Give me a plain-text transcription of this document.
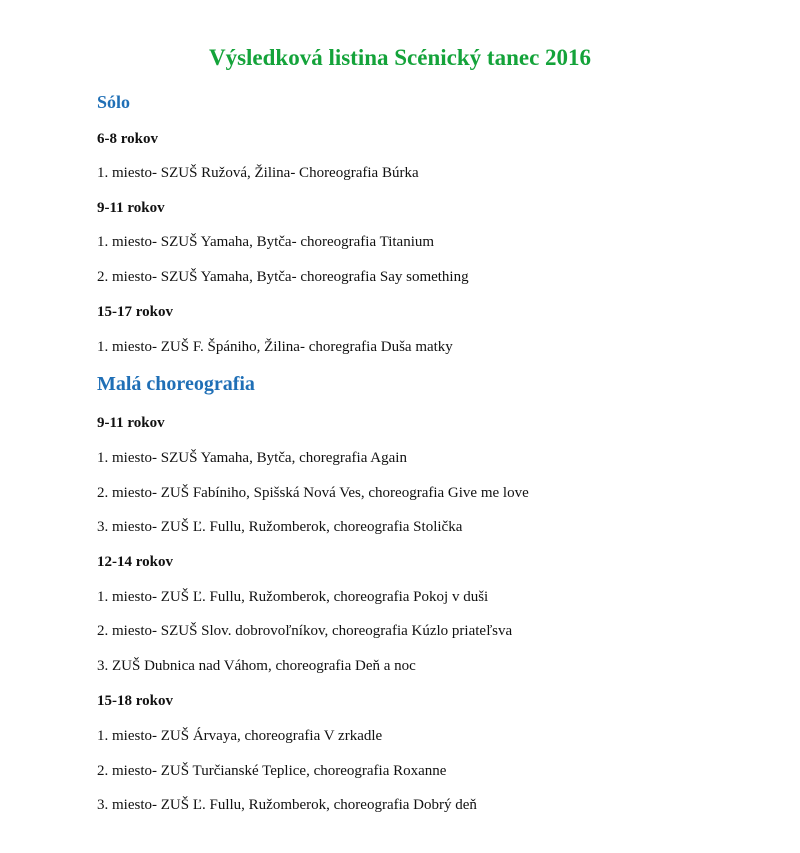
Výsledková listina Scénický tanec 2016
Sólo
6-8 rokov

1. miesto- SZUŠ Ružová, Žilina- Choreografia Búrka

9-11 rokov

1. miesto- SZUŠ Yamaha, Bytča- choreografia Titanium

2. miesto- SZUŠ Yamaha, Bytča- choreografia Say something

15-17 rokov

1. miesto- ZUŠ F. Špániho, Žilina- choregrafia Duša matky

Malá choreografia
9-11 rokov

1. miesto- SZUŠ Yamaha, Bytča, choregrafia Again

2. miesto- ZUŠ Fabíniho, Spišská Nová Ves, choreografia Give me love

3. miesto- ZUŠ Ľ. Fullu, Ružomberok, choreografia Stolička

12-14 rokov

1. miesto- ZUŠ Ľ. Fullu, Ružomberok, choreografia Pokoj v duši

2. miesto- SZUŠ Slov. dobrovoľníkov, choreografia Kúzlo priateľsva

3. ZUŠ Dubnica nad Váhom, choreografia Deň a noc

15-18 rokov

1. miesto- ZUŠ Árvaya, choreografia V zrkadle

2. miesto- ZUŠ Turčianské Teplice, choreografia Roxanne

3. miesto- ZUŠ Ľ. Fullu, Ružomberok, choreografia Dobrý deň
